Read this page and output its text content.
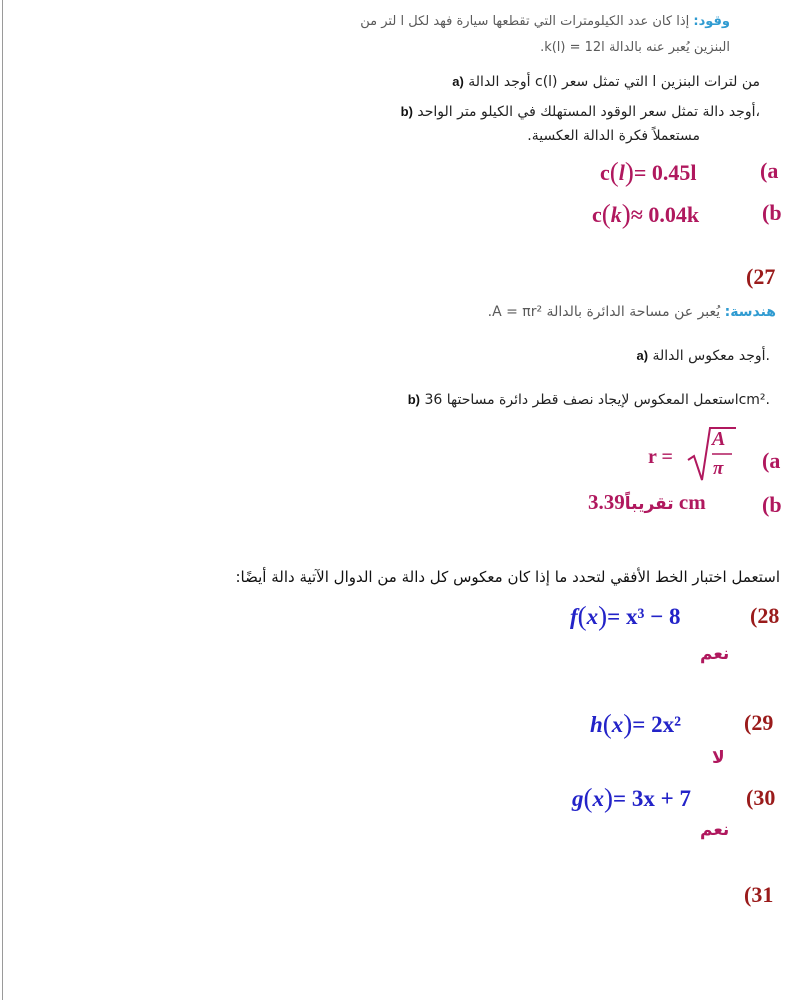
وقود: إذا كان عدد الكيلومترات التي تقطعها سيارة فهد لكل l لتر من
البنزين يُعبر عنه بالدالة k(l) = 12l.
a) أوجد الدالة c(l) التي تمثل سعر l من لترات البنزين
b) أوجد دالة تمثل سعر الوقود المستهلك في الكيلو متر الواحد،
مستعملاً فكرة الدالة العكسية.
c(l)= 0.45l	(a
c(k)≈ 0.04k	(b
(27
هندسة: يُعبر عن مساحة الدائرة بالدالة A = πr².
a) أوجد معكوس الدالة.
b) استعمل المعكوس لإيجاد نصف قطر دائرة مساحتها 36cm².
r =
A
π (a
تقريباً3.39 cm	(b
استعمل اختبار الخط الأفقي لتحدد ما إذا كان معكوس كل دالة من الدوال الآتية دالة أيضًا:
f(x)= x³ − 8	(28
نعم
h(x)= 2x²	(29
لا
g(x)= 3x + 7	(30
نعم
(31
